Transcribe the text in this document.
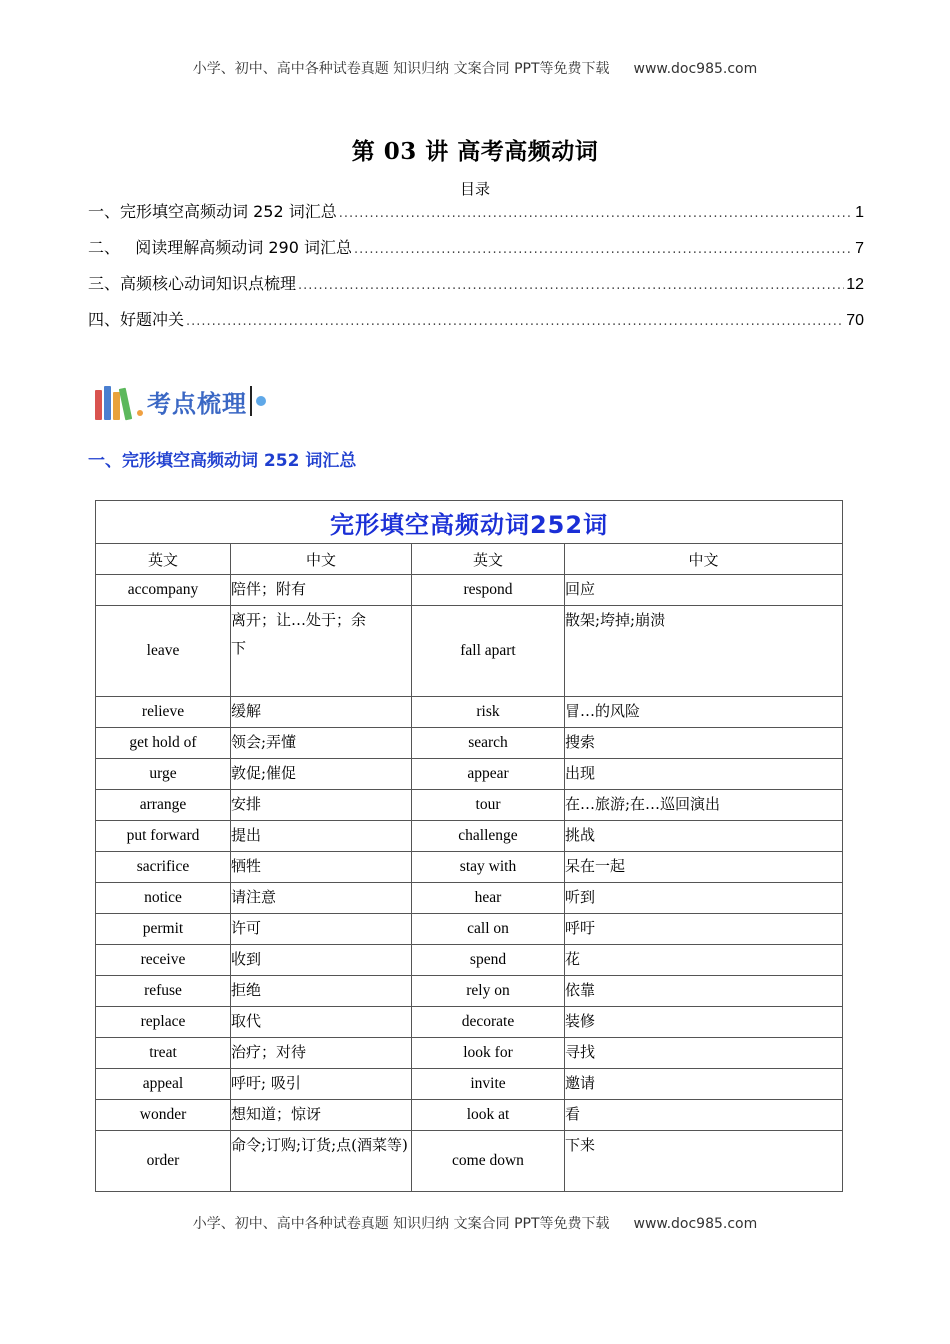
小学、初中、高中各种试卷真题 知识归纳 文案合同 PPT等免费下载 www.doc985.com
第 03 讲 高考高频动词
目录
一、完形填空高频动词 252 词汇总 .....	1
二、   阅读理解高频动词 290 词汇总 .....	7
三、高频核心动词知识点梳理 .....	12
四、好题冲关 .....	70
考点梳理
一、完形填空高频动词 252 词汇总
完形填空高频动词252词			
英文	中文	英文	中文
accompany	陪伴；附有	respond	回应
leave	离开；让…处于；余下	fall apart	散架;垮掉;崩溃
relieve	缓解	risk	冒…的风险
get hold of	领会;弄懂	search	搜索
urge	敦促;催促	appear	出现
arrange	安排	tour	在…旅游;在…巡回演出
put forward	提出	challenge	挑战
sacrifice	牺牲	stay with	呆在一起
notice	请注意	hear	听到
permit	许可	call on	呼吁
receive	收到	spend	花
refuse	拒绝	rely on	依靠
replace	取代	decorate	装修
treat	治疗；对待	look for	寻找
appeal	呼吁; 吸引	invite	邀请
wonder	想知道；惊讶	look at	看
order	命令;订购;订货;点(酒菜等)	come down	下来
小学、初中、高中各种试卷真题 知识归纳 文案合同 PPT等免费下载 www.doc985.com
